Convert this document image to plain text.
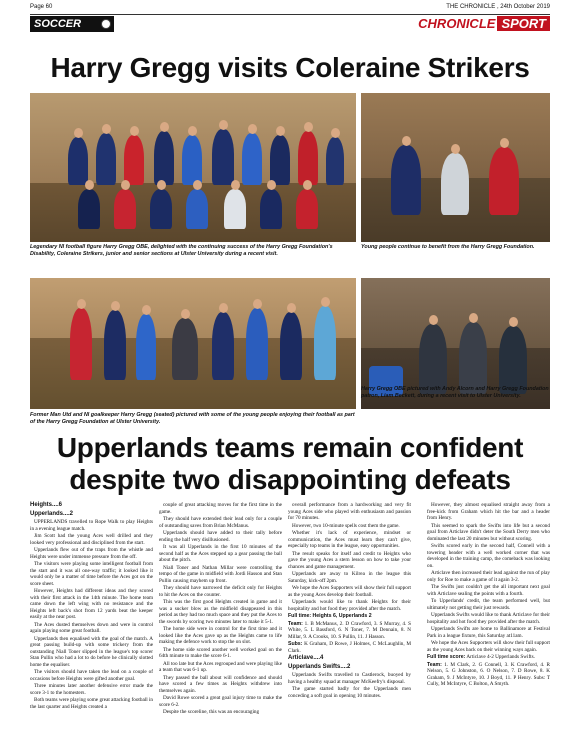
Page 60	THE CHRONICLE , 24th October 2019
SOCCER	CHRONICLE SPORT
Harry Gregg visits Coleraine Strikers
Legendary NI football figure Harry Gregg OBE, delighted with the continuing success of the Harry Gregg Foundation's Disability, Coleraine Strikers, junior and senior sections at Ulster University during a recent visit.
Young people continue to benefit from the Harry Gregg Foundation.
Former Man Utd and NI goalkeeper Harry Gregg (seated) pictured with some of the young people enjoying their football as part of the Harry Gregg Foundation at Ulster University.
Harry Gregg OBE pictured with Andy Alcorn and Harry Gregg Foundation patron, Liam Beckett, during a recent visit to Ulster University.
Upperlands teams remain confident
despite two disappointing defeats

Heights....6

Upperlands....2

UPPERLANDS travelled to Rope Walk to play Heights in a evening league match.

Jim Scott had the young Aces well drilled and they looked very professional and disciplined from the start.

Upperlands flew out of the traps from the whistle and Heights were under immense pressure from the off.

The visitors were playing some intelligent football from the start and it was all one-way traffic; it looked like it would only be a matter of time before the Aces got on the score sheet.

However, Heights had different ideas and they scored with their first attack in the 14th minute. The home team came down the left wing with no resistance and the Heights left back's shot from 12 yards beat the keeper easily at the near post.

The Aces dusted themselves down and were in control again playing some great football.

Upperlands then equalised with the goal of the match. A great passing build-up with some trickery from the outstanding Niall Toner slipped in the league's top scorer Stan Pullin who had a lot to do before he clinically slotted home the equaliser.

The visitors should have taken the lead on a couple of occasions before Heights were gifted another goal.

Three minutes later another defensive error made the score 3-1 to the homesters.

Both teams were playing some great attacking football in the last quarter and Heights created a

couple of great attacking moves for the first time in the game.

They should have extended their lead only for a couple of outstanding saves from Brian McManus.

Upperlands should have added to their tally before ending the half very disillusioned.

It was all Upperlands in the first 10 minutes of the second half as the Aces stepped up a gear passing the ball about the pitch.

Niall Toner and Nathan Millar were controlling the tempo of the game in midfield with Jordi Hasson and Stan Pullin causing mayhem up front.

They should have narrowed the deficit only for Heights to hit the Aces on the counter.

This was the first good Heights created in game and it was a sucker blow as the midfield disappeared in this period as they had too much space and they put the Aces to the swords by scoring two minutes later to make it 5-1.

The home side were in control for the first time and it looked like the Aces gave up as the Heights came to life making the defence work to stop the on slot.

The home side scored another well worked goal on the 64th minute to make the score 6-1.

All too late but the Aces regrouped and were playing like a team that was 6-1 up.

They passed the ball about will confidence and should have scored a few times as Heights withdrew into themselves again.

David Rowe scored a great goal injury time to make the score 6-2.

Despite the scoreline, this was an encouraging

overall performance from a hardworking and very fit young Aces side who played with enthusiasm and passion for 70 minutes.

However, two 10-minute spells cost them the game.

Whether it's lack of experience, mindset or communication, the Aces must learn they can't give, especially top teams in the league, easy opportunities.

The result speaks for itself and credit to Heights who gave the young Aces a stern lesson on how to take your chances and game management.

Upperlands are away to Kilrea in the league this Saturday, kick-off 2pm.

We hope the Aces Supporters will show their full support as the young Aces develop their football.

Upperlands would like to thank Heights for their hospitality and hot food they provided after the match.

Full time: Heights 6, Upperlands 2

Team: 1. B McManus, 2. D Crawford, 3. S Murray, 4. S White, 5. L Bassford, 6. N Toner, 7. M Dennain, 8. N Millar, 9. A Crooks, 10. S Pullin, 11. J Hasson.

Subs: K Graham, D Rowe, J Holmes, C McLaughlin, M Clark.

Articlave....4

Upperlands Swifts....2

Upperlands Swifts travelled to Castlerock, buoyed by having a healthy squad at manager McKeefry's disposal.

The game started badly for the Upperlands men conceding a soft goal in opening 10 minutes.

However, they almost equalised straight away from a free-kick from Graham which hit the bar and a header from Henry.

This seemed to spark the Swifts into life but a second goal from Articlave didn't deter the South Derry men who dominated the last 20 minutes but without scoring.

Swifts scored early in the second half, Connell with a towering header with a well worked corner that was developed in the training camp, the comeback was looking on.

Articlave then increased their lead against the run of play only for Roe to make a game of it again 3-2.

The Swifts just couldn't get the all important next goal with Articlave sealing the points with a fourth.

To Upperlands' credit, the team performed well, but ultimately not getting their just rewards.

Upperlands Swifts would like to thank Articlave for their hospitality and hot food they provided after the match.

Upperlands Swifts are home to Ballinamore at Festival Park in a league fixture, this Saturday at11am.

We hope the Aces Supporters will show their full support as the young Aces back on their winning ways again.

Full time score: Articlave 4-2 Upperlands Swifts.

Team: 1. M Clark, 2. G Connell, 3. K Crawford, 4. R Nelson, 5. G Johnston, 6. O Nelson, 7. D Rowe, 8. K Graham, 9. J McIntyre, 10. J Boyd, 11. P Henry. Subs: T Cully, M McIntyre, C Bolton, A Smyth.
